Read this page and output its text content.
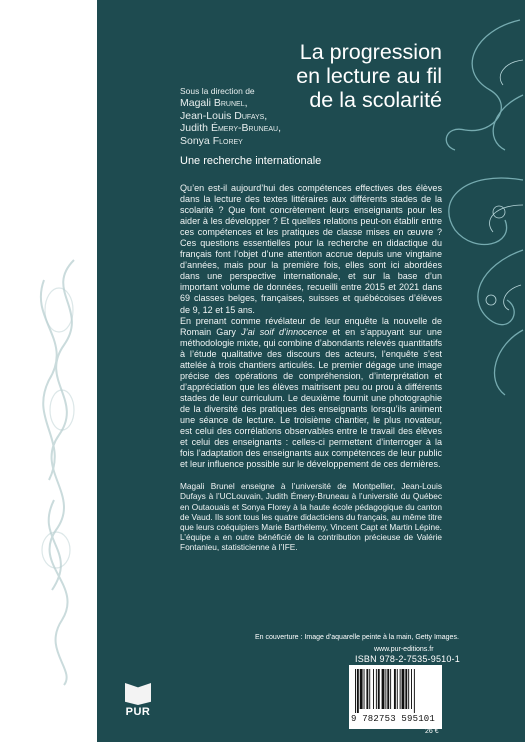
La progression
en lecture au fil
de la scolarité
Sous la direction de
Magali Brunel,
Jean-Louis Dufays,
Judith Émery-Bruneau,
Sonya Florey
Une recherche internationale

Qu’en est-il aujourd’hui des compétences effectives des élèves dans la lecture des textes littéraires aux différents stades de la scolarité ? Que font concrètement leurs enseignants pour les aider à les développer ? Et quelles relations peut-on établir entre ces compétences et les pratiques de classe mises en œuvre ? Ces questions essentielles pour la recherche en didactique du français font l’objet d’une attention accrue depuis une vingtaine d’années, mais pour la première fois, elles sont ici abordées dans une perspective internationale, et sur la base d’un important volume de données, recueilli entre 2015 et 2021 dans 69 classes belges, françaises, suisses et québécoises d’élèves de 9, 12 et 15 ans.

En prenant comme révélateur de leur enquête la nouvelle de Romain Gary J’ai soif d’innocence et en s’appuyant sur une méthodologie mixte, qui combine d’abondants relevés quantitatifs à l’étude qualitative des discours des acteurs, l’enquête s’est attelée à trois chantiers articulés. Le premier dégage une image précise des opérations de compréhension, d’interprétation et d’appréciation que les élèves maitrisent peu ou prou à différents stades de leur curriculum. Le deuxième fournit une photographie de la diversité des pratiques des enseignants lorsqu’ils animent une séance de lecture. Le troisième chantier, le plus novateur, est celui des corrélations observables entre le travail des élèves et celui des enseignants : celles-ci permettent d’interroger à la fois l’adaptation des enseignants aux compétences de leur public et leur influence possible sur le développement de ces dernières.

Magali Brunel enseigne à l’université de Montpellier, Jean-Louis Dufays à l’UCLouvain, Judith Émery-Bruneau à l’université du Québec en Outaouais et Sonya Florey à la haute école pédagogique du canton de Vaud. Ils sont tous les quatre didacticiens du français, au même titre que leurs coéquipiers Marie Barthélemy, Vincent Capt et Martin Lépine. L’équipe a en outre bénéficié de la contribution précieuse de Valérie Fontanieu, statisticienne à l’IFE.

En couverture : Image d’aquarelle peinte à la main, Getty Images.
www.pur-editions.fr
ISBN 978-2-7535-9510-1
9 782753 595101
26 €
PUR
